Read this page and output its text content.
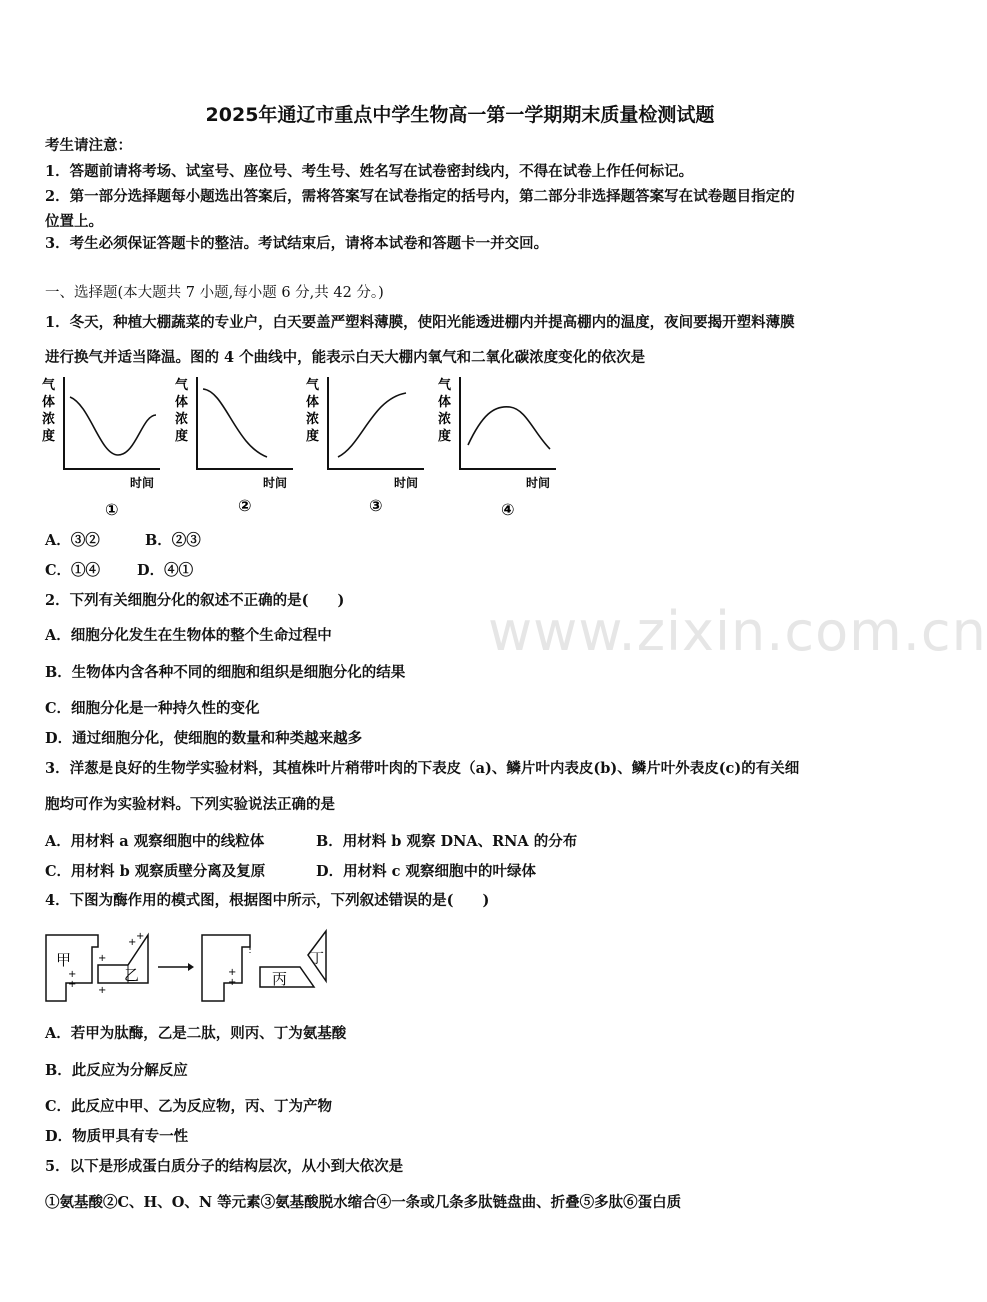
www.zixin.com.cn
2025年通辽市重点中学生物高一第一学期期末质量检测试题
考生请注意：
1．答题前请将考场、试室号、座位号、考生号、姓名写在试卷密封线内，不得在试卷上作任何标记。
2．第一部分选择题每小题选出答案后，需将答案写在试卷指定的括号内，第二部分非选择题答案写在试卷题目指定的
位置上。
3．考生必须保证答题卡的整洁。考试结束后，请将本试卷和答题卡一并交回。
一、选择题(本大题共 7 小题,每小题 6 分,共 42 分。)
1．冬天，种植大棚蔬菜的专业户，白天要盖严塑料薄膜，使阳光能透进棚内并提高棚内的温度，夜间要揭开塑料薄膜
进行换气并适当降温。图的 4 个曲线中，能表示白天大棚内氧气和二氧化碳浓度变化的依次是
气
体
浓
度
时间
①
气
体
浓
度
时间
②
气
体
浓
度
时间
③
气
体
浓
度
时间
④
A．③②	B．②③
C．①④	D．④①
2．下列有关细胞分化的叙述不正确的是(　　)
A．细胞分化发生在生物体的整个生命过程中
B．生物体内含各种不同的细胞和组织是细胞分化的结果
C．细胞分化是一种持久性的变化
D．通过细胞分化，使细胞的数量和种类越来越多
3．洋葱是良好的生物学实验材料，其植株叶片稍带叶肉的下表皮（a)、鳞片叶内表皮(b)、鳞片叶外表皮(c)的有关细
胞均可作为实验材料。下列实验说法正确的是
A．用材料 a 观察细胞中的线粒体	B．用材料 b 观察 DNA、RNA 的分布
C．用材料 b 观察质壁分离及复原	D．用材料 c 观察细胞中的叶绿体
4．下图为酶作用的模式图，根据图中所示，下列叙述错误的是(　　)
甲
+
+
乙
+
+
+
+
+
+ 丙
丁
A．若甲为肽酶，乙是二肽，则丙、丁为氨基酸
B．此反应为分解反应
C．此反应中甲、乙为反应物，丙、丁为产物
D．物质甲具有专一性
5．以下是形成蛋白质分子的结构层次，从小到大依次是
①氨基酸②C、H、O、N 等元素③氨基酸脱水缩合④一条或几条多肽链盘曲、折叠⑤多肽⑥蛋白质
